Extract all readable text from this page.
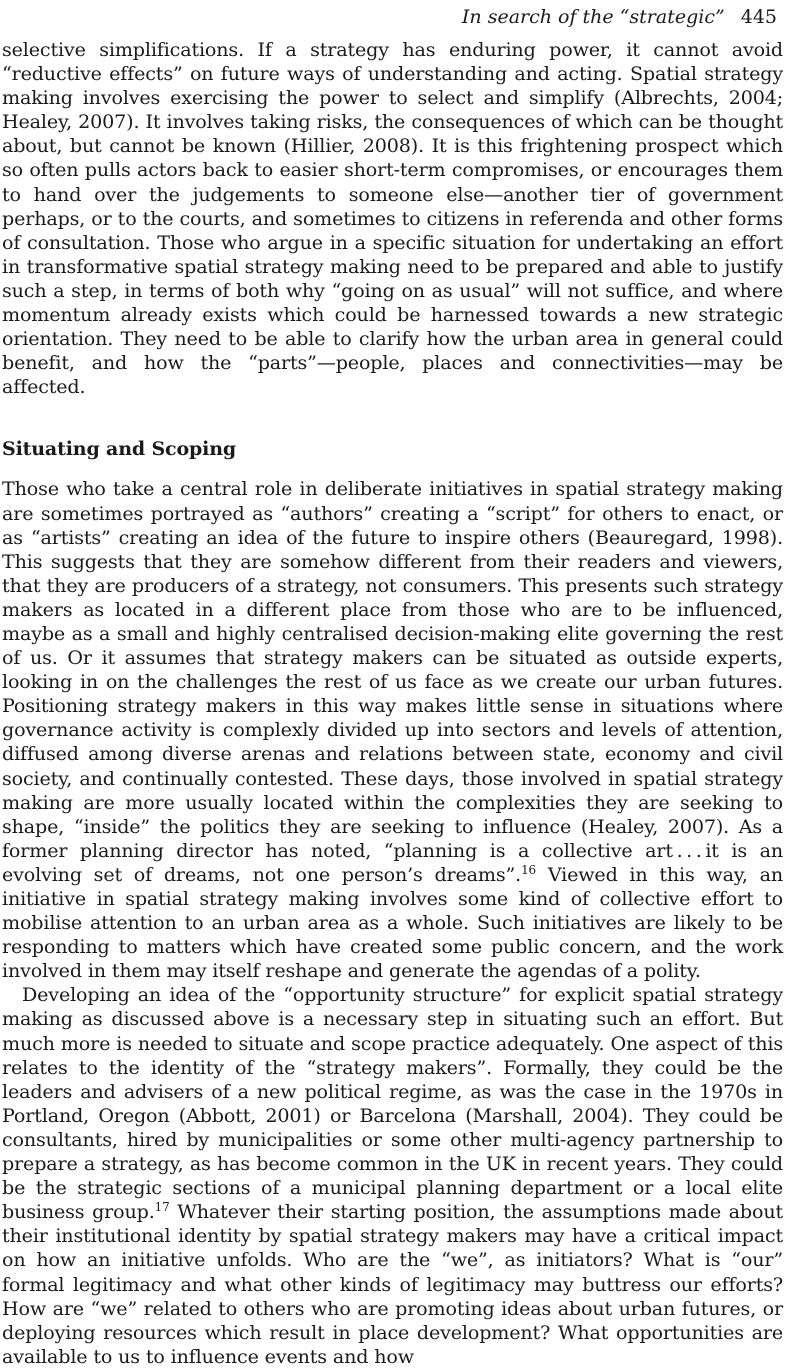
In search of the “strategic” 445

selective simplifications. If a strategy has enduring power, it cannot avoid “reductive effects” on future ways of understanding and acting. Spatial strategy making involves exercising the power to select and simplify (Albrechts, 2004; Healey, 2007). It involves taking risks, the consequences of which can be thought about, but cannot be known (Hillier, 2008). It is this frightening prospect which so often pulls actors back to easier short-term compromises, or encourages them to hand over the judgements to someone else—another tier of government perhaps, or to the courts, and sometimes to citizens in referenda and other forms of consultation. Those who argue in a specific situation for undertaking an effort in transformative spatial strategy making need to be prepared and able to justify such a step, in terms of both why “going on as usual” will not suffice, and where momentum already exists which could be harnessed towards a new strategic orientation. They need to be able to clarify how the urban area in general could benefit, and how the “parts”—people, places and connectivities—may be affected.

Situating and Scoping

Those who take a central role in deliberate initiatives in spatial strategy making are sometimes portrayed as “authors” creating a “script” for others to enact, or as “artists” creating an idea of the future to inspire others (Beauregard, 1998). This suggests that they are somehow different from their readers and viewers, that they are producers of a strategy, not consumers. This presents such strategy makers as located in a different place from those who are to be influenced, maybe as a small and highly centralised decision-making elite governing the rest of us. Or it assumes that strategy makers can be situated as outside experts, looking in on the challenges the rest of us face as we create our urban futures. Positioning strategy makers in this way makes little sense in situations where governance activity is complexly divided up into sectors and levels of attention, diffused among diverse arenas and relations between state, economy and civil society, and continually contested. These days, those involved in spatial strategy making are more usually located within the complexities they are seeking to shape, “inside” the politics they are seeking to influence (Healey, 2007). As a former planning director has noted, “planning is a collective art . . . it is an evolving set of dreams, not one person’s dreams”.$^{16}$ Viewed in this way, an initiative in spatial strategy making involves some kind of collective effort to mobilise attention to an urban area as a whole. Such initiatives are likely to be responding to matters which have created some public concern, and the work involved in them may itself reshape and generate the agendas of a polity.

Developing an idea of the “opportunity structure” for explicit spatial strategy making as discussed above is a necessary step in situating such an effort. But much more is needed to situate and scope practice adequately. One aspect of this relates to the identity of the “strategy makers”. Formally, they could be the leaders and advisers of a new political regime, as was the case in the 1970s in Portland, Oregon (Abbott, 2001) or Barcelona (Marshall, 2004). They could be consultants, hired by municipalities or some other multi-agency partnership to prepare a strategy, as has become common in the UK in recent years. They could be the strategic sections of a municipal planning department or a local elite business group.$^{17}$ Whatever their starting position, the assumptions made about their institutional identity by spatial strategy makers may have a critical impact on how an initiative unfolds. Who are the “we”, as initiators? What is “our” formal legitimacy and what other kinds of legitimacy may buttress our efforts? How are “we” related to others who are promoting ideas about urban futures, or deploying resources which result in place development? What opportunities are available to us to influence events and how
